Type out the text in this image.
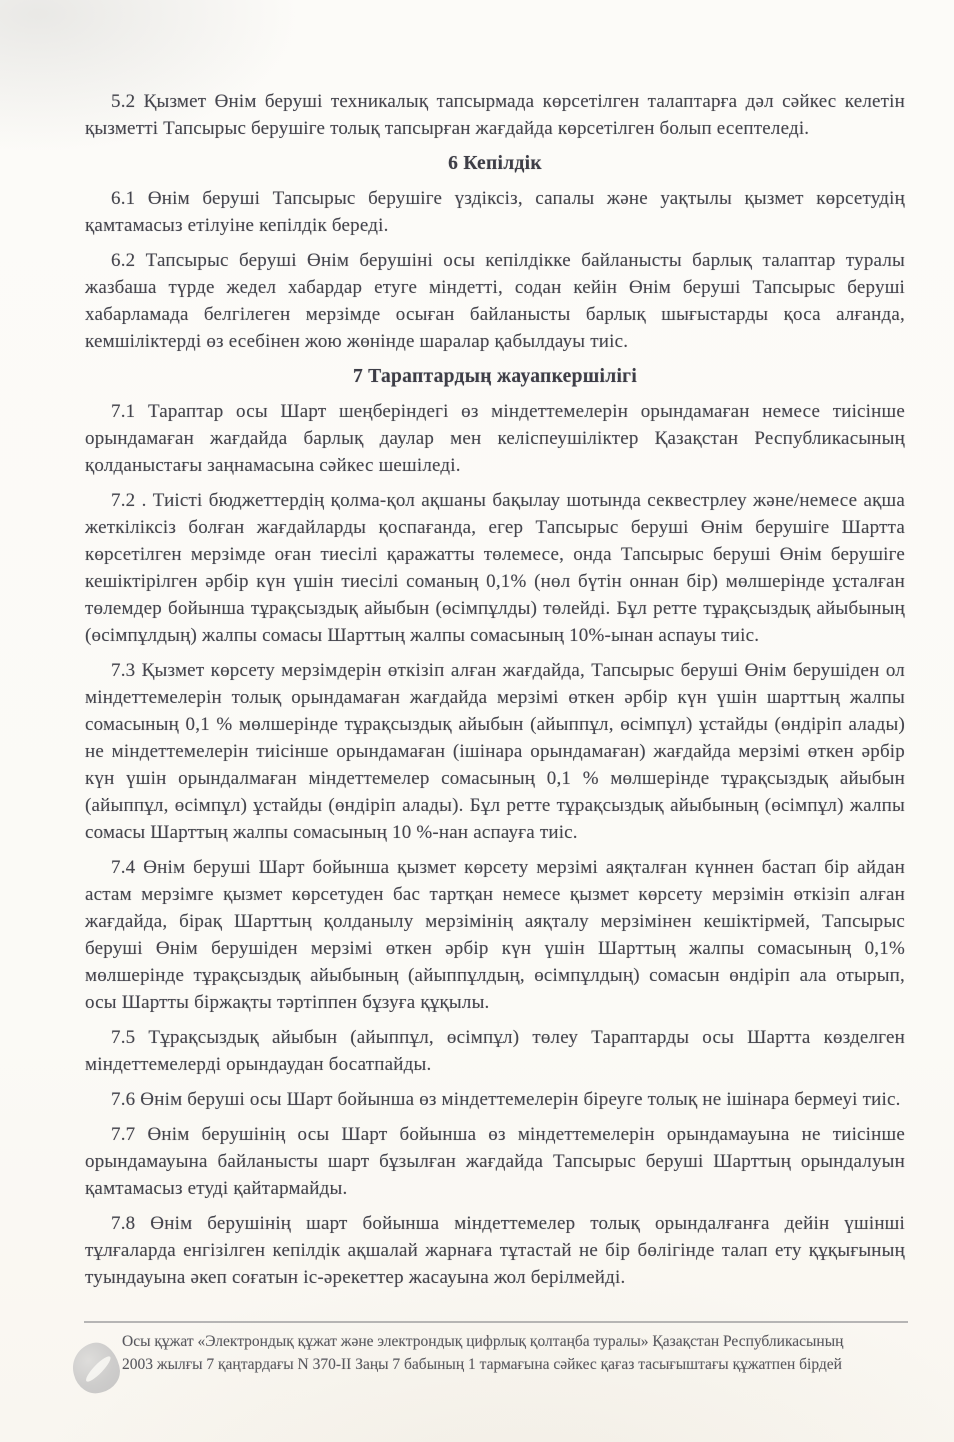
5.2 Қызмет Өнім беруші техникалық тапсырмада көрсетілген талаптарға дәл сәйкес келетін қызметті Тапсырыс берушіге толық тапсырған жағдайда көрсетілген болып есептеледі.

6 Кепілдік

6.1 Өнім беруші Тапсырыс берушіге үздіксіз, сапалы және уақтылы қызмет көрсетудің қамтамасыз етілуіне кепілдік береді.

6.2 Тапсырыс беруші Өнім берушіні осы кепілдікке байланысты барлық талаптар туралы жазбаша түрде жедел хабардар етуге міндетті, содан кейін Өнім беруші Тапсырыс беруші хабарламада белгілеген мерзімде осыған байланысты барлық шығыстарды қоса алғанда, кемшіліктерді өз есебінен жою жөнінде шаралар қабылдауы тиіс.

7 Тараптардың жауапкершілігі

7.1 Тараптар осы Шарт шеңберіндегі өз міндеттемелерін орындамаған немесе тиісінше орындамаған жағдайда барлық даулар мен келіспеушіліктер Қазақстан Республикасының қолданыстағы заңнамасына сәйкес шешіледі.

7.2 . Тиісті бюджеттердің қолма-қол ақшаны бақылау шотында секвестрлеу және/немесе ақша жеткіліксіз болған жағдайларды қоспағанда, егер Тапсырыс беруші Өнім берушіге Шартта көрсетілген мерзімде оған тиесілі қаражатты төлемесе, онда Тапсырыс беруші Өнім берушіге кешіктірілген әрбір күн үшін тиесілі соманың 0,1% (нөл бүтін оннан бір) мөлшерінде ұсталған төлемдер бойынша тұрақсыздық айыбын (өсімпұлды) төлейді. Бұл ретте тұрақсыздық айыбының (өсімпұлдың) жалпы сомасы Шарттың жалпы сомасының 10%-ынан аспауы тиіс.

7.3 Қызмет көрсету мерзімдерін өткізіп алған жағдайда, Тапсырыс беруші Өнім берушіден ол міндеттемелерін толық орындамаған жағдайда мерзімі өткен әрбір күн үшін шарттың жалпы сомасының 0,1 % мөлшерінде тұрақсыздық айыбын (айыппұл, өсімпұл) ұстайды (өндіріп алады) не міндеттемелерін тиісінше орындамаған (ішінара орындамаған) жағдайда мерзімі өткен әрбір күн үшін орындалмаған міндеттемелер сомасының 0,1 % мөлшерінде тұрақсыздық айыбын (айыппұл, өсімпұл) ұстайды (өндіріп алады). Бұл ретте тұрақсыздық айыбының (өсімпұл) жалпы сомасы Шарттың жалпы сомасының 10 %-нан аспауға тиіс.

7.4 Өнім беруші Шарт бойынша қызмет көрсету мерзімі аяқталған күннен бастап бір айдан астам мерзімге қызмет көрсетуден бас тартқан немесе қызмет көрсету мерзімін өткізіп алған жағдайда, бірақ Шарттың қолданылу мерзімінің аяқталу мерзімінен кешіктірмей, Тапсырыс беруші Өнім берушіден мерзімі өткен әрбір күн үшін Шарттың жалпы сомасының 0,1% мөлшерінде тұрақсыздық айыбының (айыппұлдың, өсімпұлдың) сомасын өндіріп ала отырып, осы Шартты біржақты тәртіппен бұзуға құқылы.

7.5 Тұрақсыздық айыбын (айыппұл, өсімпұл) төлеу Тараптарды осы Шартта көзделген міндеттемелерді орындаудан босатпайды.

7.6 Өнім беруші осы Шарт бойынша өз міндеттемелерін біреуге толық не ішінара бермеуі тиіс.

7.7 Өнім берушінің осы Шарт бойынша өз міндеттемелерін орындамауына не тиісінше орындамауына байланысты шарт бұзылған жағдайда Тапсырыс беруші Шарттың орындалуын қамтамасыз етуді қайтармайды.

7.8 Өнім берушінің шарт бойынша міндеттемелер толық орындалғанға дейін үшінші тұлғаларда енгізілген кепілдік ақшалай жарнаға тұтастай не бір бөлігінде талап ету құқығының туындауына әкеп соғатын іс-әрекеттер жасауына жол берілмейді.

Осы құжат «Электрондық құжат және электрондық цифрлық қолтаңба туралы» Қазақстан Республикасының 2003 жылғы 7 қаңтардағы N 370-II Заңы 7 бабының 1 тармағына сәйкес қағаз тасығыштағы құжатпен бірдей
